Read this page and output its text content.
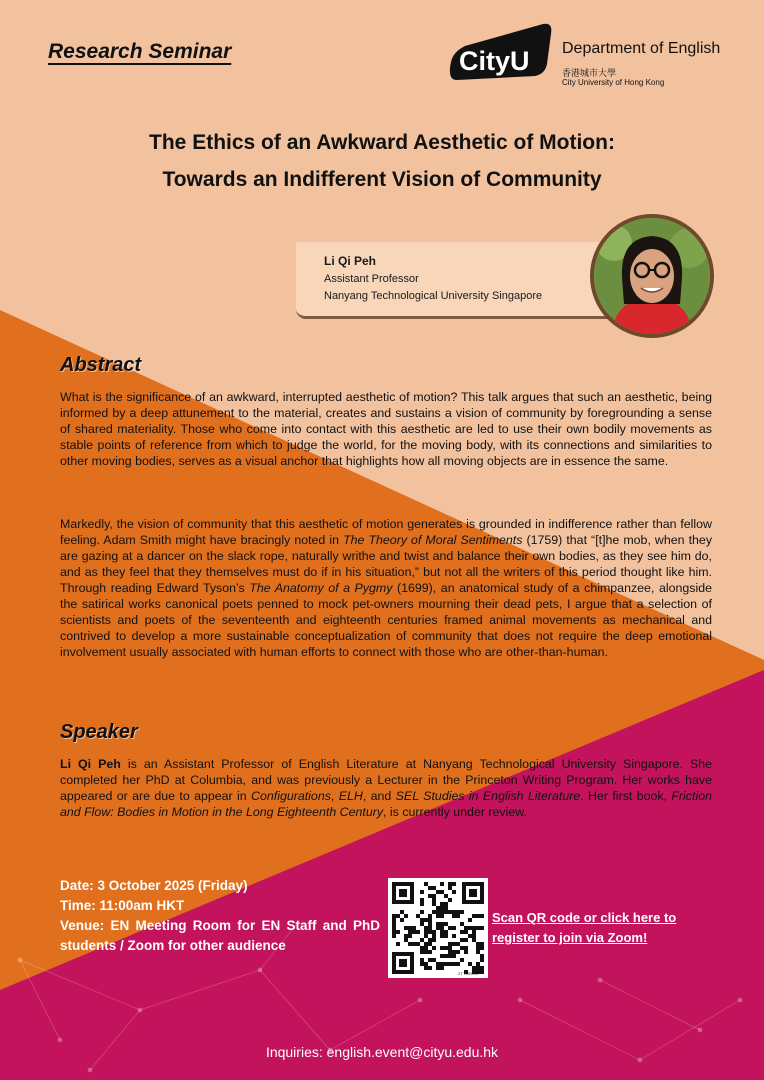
Research Seminar	CityU Department of English
香港城市大學
City University of Hong Kong
The Ethics of an Awkward Aesthetic of Motion:
Towards an Indifferent Vision of Community
Li Qi Peh
Assistant Professor
Nanyang Technological University Singapore
Abstract

What is the significance of an awkward, interrupted aesthetic of motion? This talk argues that such an aesthetic, being informed by a deep attunement to the material, creates and sustains a vision of community by foregrounding a sense of shared materiality. Those who come into contact with this aesthetic are led to use their own bodily movements as stable points of reference from which to judge the world, for the moving body, with its connections and similarities to other moving bodies, serves as a visual anchor that highlights how all moving objects are in essence the same.

Markedly, the vision of community that this aesthetic of motion generates is grounded in indifference rather than fellow feeling. Adam Smith might have bracingly noted in The Theory of Moral Sentiments (1759) that “[t]he mob, when they are gazing at a dancer on the slack rope, naturally writhe and twist and balance their own bodies, as they see him do, and as they feel that they themselves must do if in his situation,” but not all the writers of this period thought like him. Through reading Edward Tyson’s The Anatomy of a Pygmy (1699), an anatomical study of a chimpanzee, alongside the satirical works canonical poets penned to mock pet-owners mourning their dead pets, I argue that a selection of scientists and poets of the seventeenth and eighteenth centuries framed animal movements as mechanical and contrived to develop a more sustainable conceptualization of community that does not require the deep emotional involvement usually associated with human efforts to connect with those who are other-than-human.

Speaker

Li Qi Peh is an Assistant Professor of English Literature at Nanyang Technological University Singapore. She completed her PhD at Columbia, and was previously a Lecturer in the Princeton Writing Program. Her works have appeared or are due to appear in Configurations, ELH, and SEL Studies in English Literature. Her first book, Friction and Flow: Bodies in Motion in the Long Eighteenth Century, is currently under review.

Date: 3 October 2025 (Friday)
Time: 11:00am HKT
Venue: EN Meeting Room for EN Staff and PhD students / Zoom for other audience
2T TORCG
Scan QR code or click here to register to join via Zoom!
Inquiries: english.event@cityu.edu.hk
